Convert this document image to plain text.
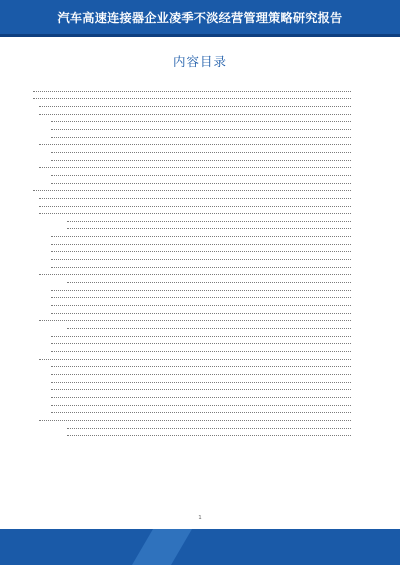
汽车高速连接器企业凌季不淡经营管理策略研究报告
内容目录
1
